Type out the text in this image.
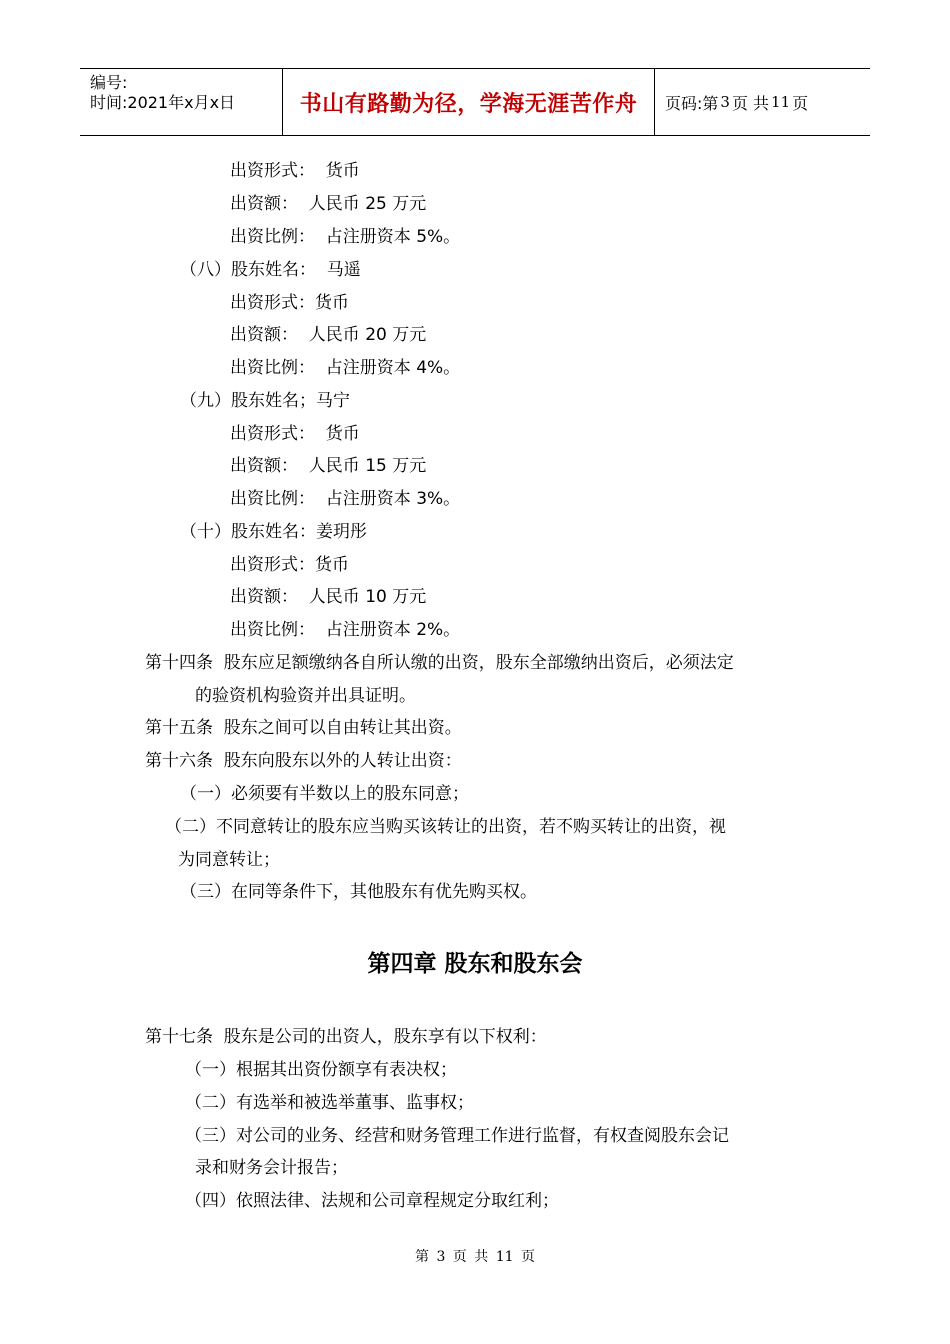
编号:
时间:2021年x月x日	书山有路勤为径，学海无涯苦作舟	页码:第 3 页 共 11 页
出资形式：  货币
出资额：  人民币 25 万元
出资比例：  占注册资本 5%。
（八）股东姓名：  马遥
出资形式：货币
出资额：  人民币 20 万元
出资比例：  占注册资本 4%。
（九）股东姓名；马宁
出资形式：  货币
出资额：  人民币 15 万元
出资比例：  占注册资本 3%。
（十）股东姓名：姜玥彤
出资形式：货币
出资额：  人民币 10 万元
出资比例：  占注册资本 2%。
第十四条  股东应足额缴纳各自所认缴的出资，股东全部缴纳出资后，必须法定
的验资机构验资并出具证明。
第十五条  股东之间可以自由转让其出资。
第十六条  股东向股东以外的人转让出资：
（一）必须要有半数以上的股东同意；
（二）不同意转让的股东应当购买该转让的出资，若不购买转让的出资，视
为同意转让；
（三）在同等条件下，其他股东有优先购买权。
第四章 股东和股东会
第十七条  股东是公司的出资人，股东享有以下权利：
（一）根据其出资份额享有表决权；
（二）有选举和被选举董事、监事权；
（三）对公司的业务、经营和财务管理工作进行监督，有权查阅股东会记
录和财务会计报告；
（四）依照法律、法规和公司章程规定分取红利；
第 3 页 共 11 页
